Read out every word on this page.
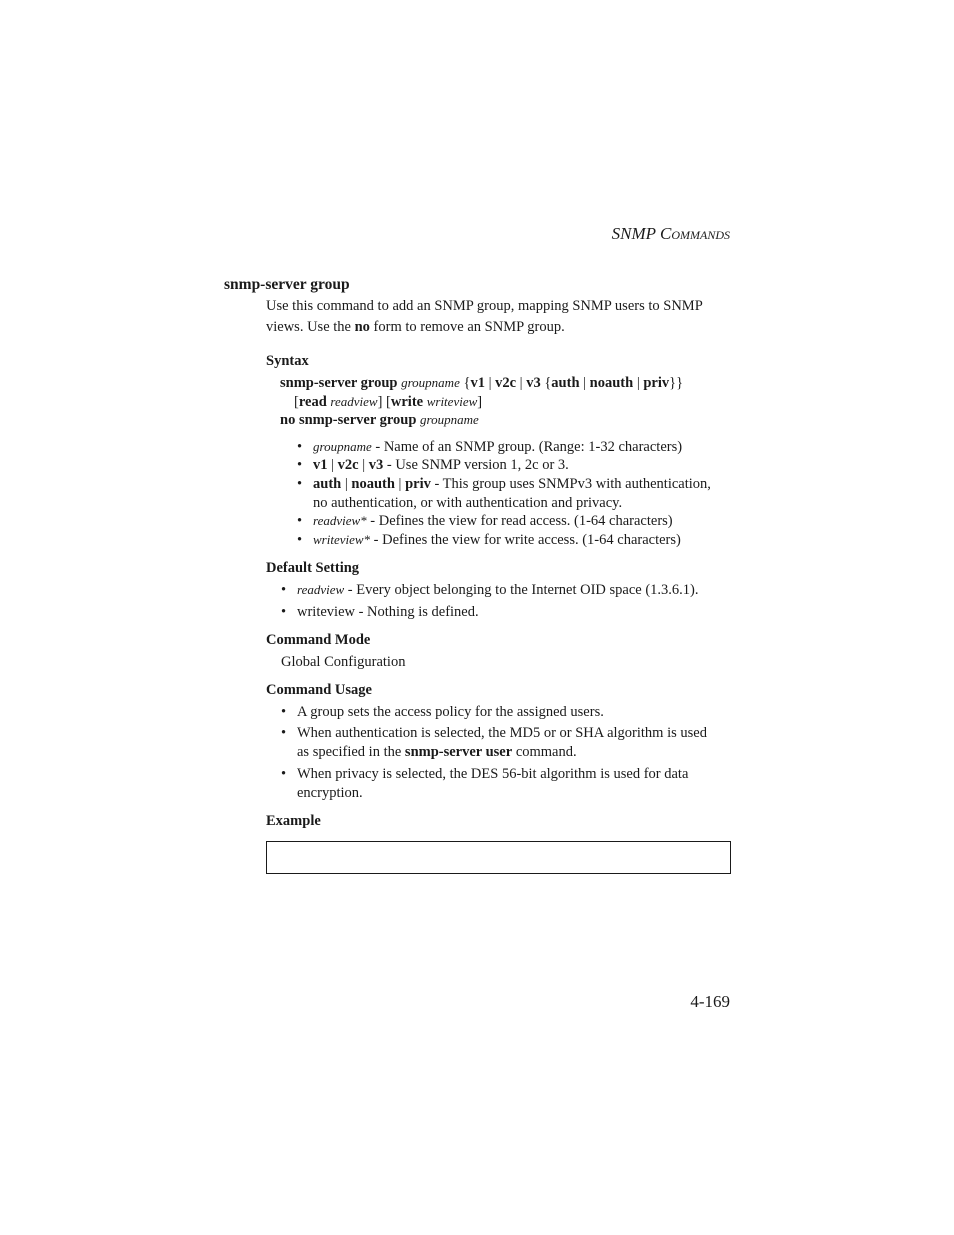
SNMP COMMANDS
snmp-server group
Use this command to add an SNMP group, mapping SNMP users to SNMP
views. Use the no form to remove an SNMP group.
Syntax
snmp-server group groupname {v1 | v2c | v3 {auth | noauth | priv}}
[read readview] [write writeview]
no snmp-server group groupname
• groupname - Name of an SNMP group. (Range: 1-32 characters)
• v1 | v2c | v3 - Use SNMP version 1, 2c or 3.
• auth | noauth | priv - This group uses SNMPv3 with authentication,
no authentication, or with authentication and privacy.
• readview* - Defines the view for read access. (1-64 characters)
• writeview* - Defines the view for write access. (1-64 characters)
Default Setting
• readview - Every object belonging to the Internet OID space (1.3.6.1).
• writeview - Nothing is defined.
Command Mode
Global Configuration
Command Usage
• A group sets the access policy for the assigned users.
• When authentication is selected, the MD5 or or SHA algorithm is used
as specified in the snmp-server user command.
• When privacy is selected, the DES 56-bit algorithm is used for data
encryption.
Example
4-169
